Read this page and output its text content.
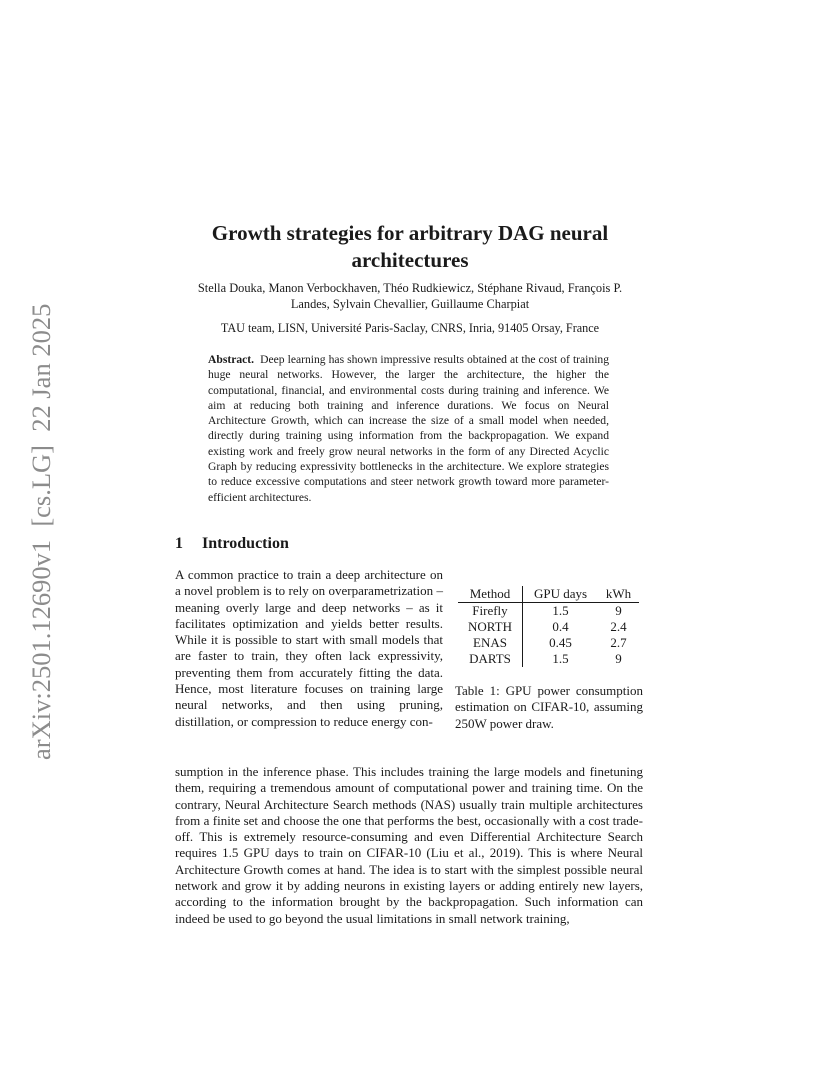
arXiv:2501.12690v1  [cs.LG]  22 Jan 2025
Growth strategies for arbitrary DAG neural architectures

Stella Douka, Manon Verbockhaven, Théo Rudkiewicz, Stéphane Rivaud, François P. Landes, Sylvain Chevallier, Guillaume Charpiat

TAU team, LISN, Université Paris-Saclay, CNRS, Inria, 91405 Orsay, France

Abstract. Deep learning has shown impressive results obtained at the cost of training huge neural networks. However, the larger the architecture, the higher the computational, financial, and environmental costs during training and inference. We aim at reducing both training and inference durations. We focus on Neural Architecture Growth, which can increase the size of a small model when needed, directly during training using information from the backpropagation. We expand existing work and freely grow neural networks in the form of any Directed Acyclic Graph by reducing expressivity bottlenecks in the architecture. We explore strategies to reduce excessive computations and steer network growth toward more parameter-efficient architectures.

1 Introduction

A common practice to train a deep architecture on a novel problem is to rely on overparametrization – meaning overly large and deep networks – as it facilitates optimization and yields better results. While it is possible to start with small models that are faster to train, they often lack expressivity, preventing them from accurately fitting the data. Hence, most literature focuses on training large neural networks, and then using pruning, distillation, or compression to reduce energy con-

Method	GPU days	kWh
Firefly	1.5	9
NORTH	0.4	2.4
ENAS	0.45	2.7
DARTS	1.5	9

Table 1: GPU power consumption estimation on CIFAR-10, assuming 250W power draw.

sumption in the inference phase. This includes training the large models and finetuning them, requiring a tremendous amount of computational power and training time. On the contrary, Neural Architecture Search methods (NAS) usually train multiple architectures from a finite set and choose the one that performs the best, occasionally with a cost trade-off. This is extremely resource-consuming and even Differential Architecture Search requires 1.5 GPU days to train on CIFAR-10 (Liu et al., 2019). This is where Neural Architecture Growth comes at hand. The idea is to start with the simplest possible neural network and grow it by adding neurons in existing layers or adding entirely new layers, according to the information brought by the backpropagation. Such information can indeed be used to go beyond the usual limitations in small network training,
